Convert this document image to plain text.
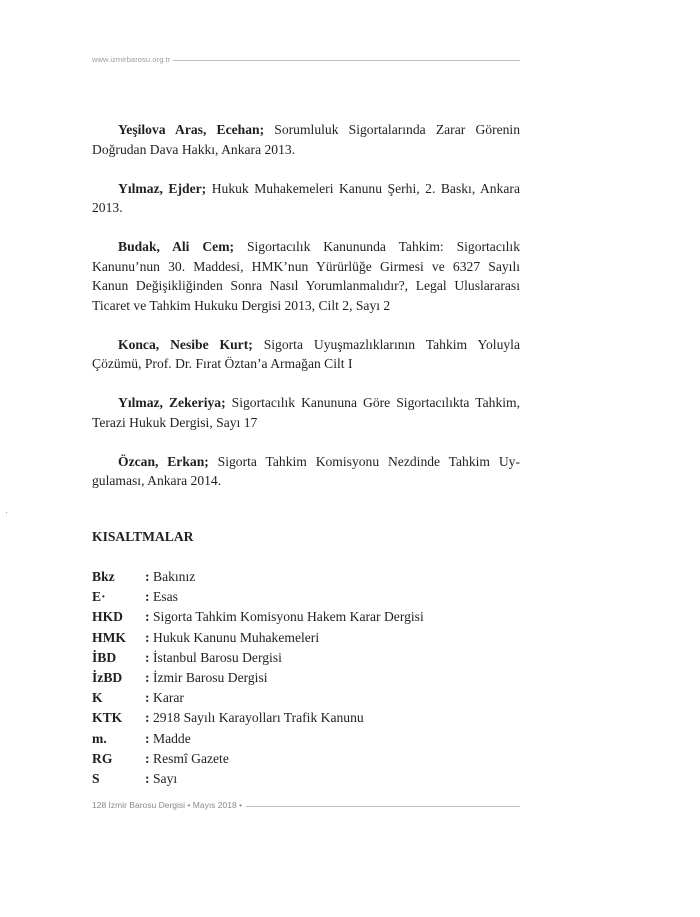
www.izmirbarosu.org.tr

Yeşilova Aras, Ecehan; Sorumluluk Sigortalarında Zarar Görenin Doğrudan Dava Hakkı, Ankara 2013.

Yılmaz, Ejder; Hukuk Muhakemeleri Kanunu Şerhi, 2. Baskı, Ankara 2013.

Budak, Ali Cem; Sigortacılık Kanununda Tahkim: Sigortacılık Kanunu’nun 30. Maddesi, HMK’nun Yürürlüğe Girmesi ve 6327 Sayılı Kanun Değişikliğinden Sonra Nasıl Yorumlanmalıdır?, Legal Uluslararası Ticaret ve Tahkim Hukuku Dergisi 2013, Cilt 2, Sayı 2

Konca, Nesibe Kurt; Sigorta Uyuşmazlıklarının Tahkim Yoluyla Çözümü, Prof. Dr. Fırat Öztan’a Armağan Cilt I

Yılmaz, Zekeriya; Sigortacılık Kanununa Göre Sigortacılıkta Tahkim, Terazi Hukuk Dergisi, Sayı 17

Özcan, Erkan; Sigorta Tahkim Komisyonu Nezdinde Tahkim Uygulaması, Ankara 2014.

KISALTMALAR
Bkz	: Bakınız
E·	: Esas
HKD	: Sigorta Tahkim Komisyonu Hakem Karar Dergisi
HMK	: Hukuk Kanunu Muhakemeleri
İBD	: İstanbul Barosu Dergisi
İzBD	: İzmir Barosu Dergisi
K	: Karar
KTK	: 2918 Sayılı Karayolları Trafik Kanunu
m.	: Madde
RG	: Resmî Gazete
S	: Sayı
128 İzmir Barosu Dergisi • Mayıs 2018 •
